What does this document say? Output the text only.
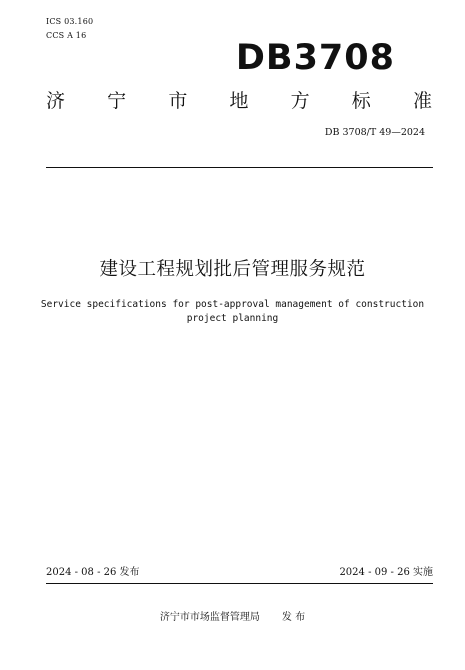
ICS 03.160
CCS A 16
DB3708
济 宁 市 地 方 标 准
DB 3708/T 49—2024
建设工程规划批后管理服务规范
Service specifications for post-approval management of construction
project planning
2024 - 08 - 26 发布	2024 - 09 - 26 实施
济宁市市场监督管理局 发 布
